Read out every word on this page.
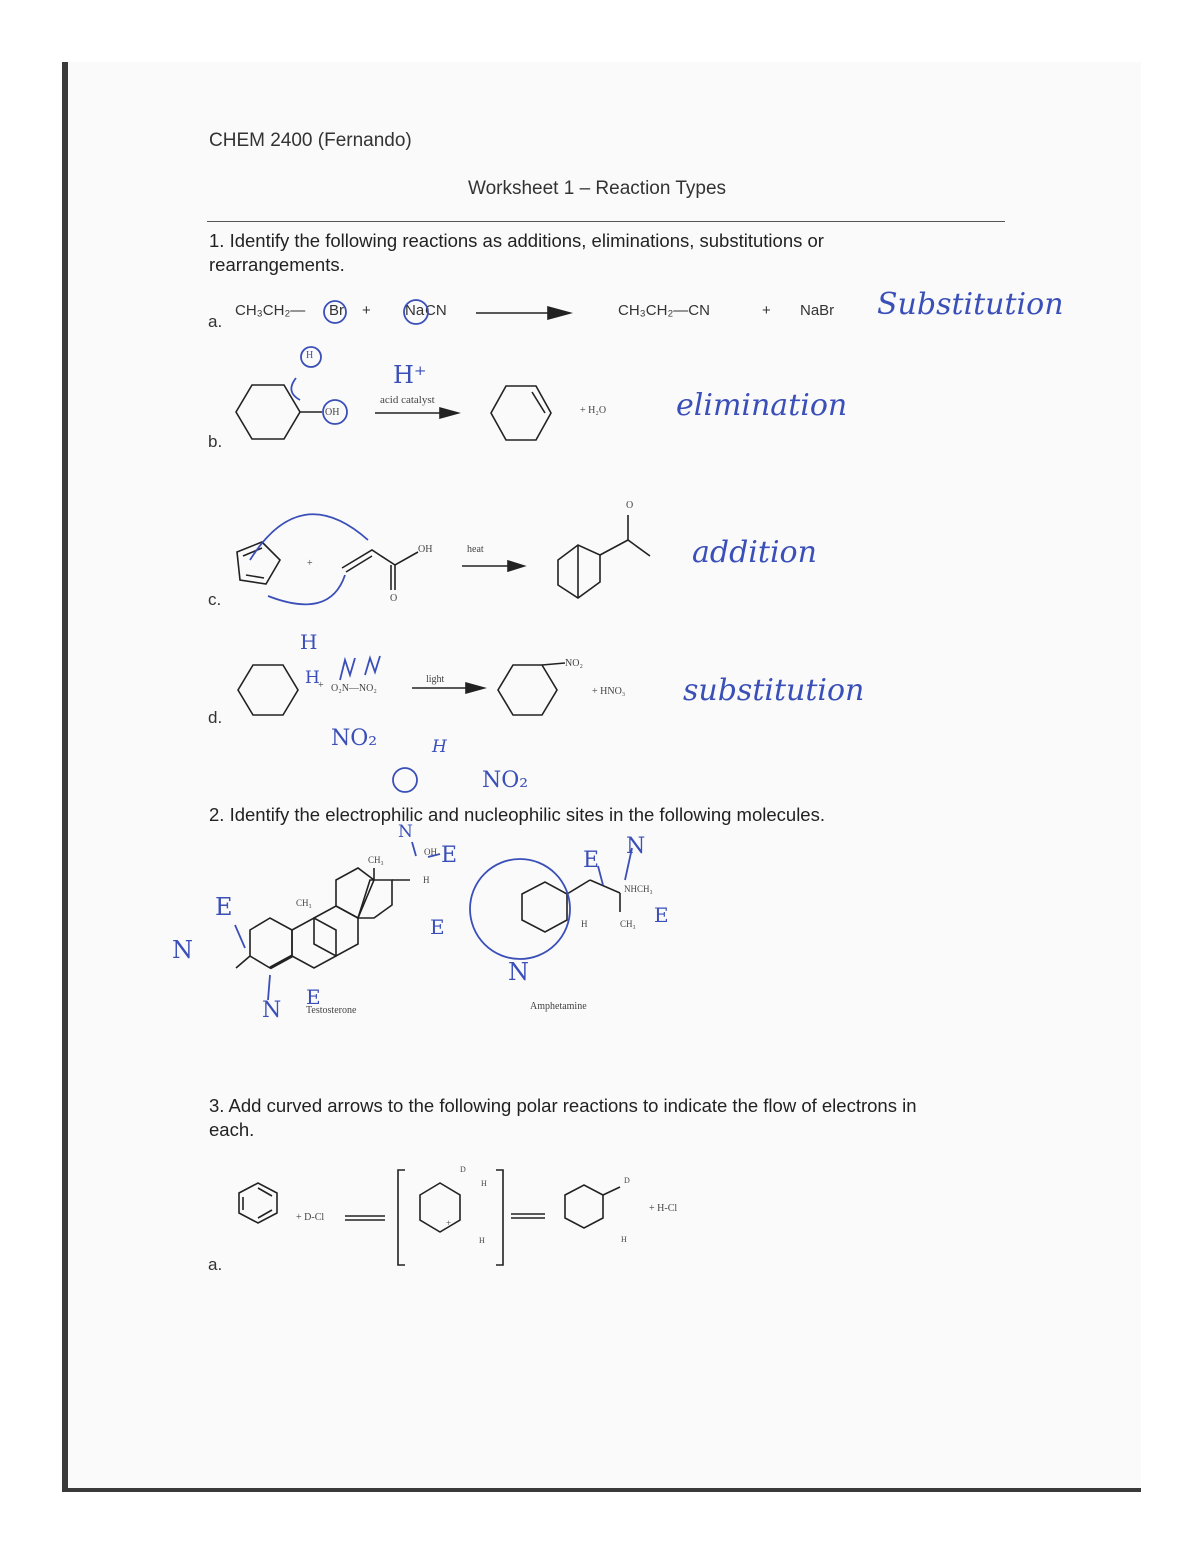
CHEM 2400 (Fernando)
Worksheet 1 – Reaction Types
1. Identify the following reactions as additions, eliminations, substitutions or
rearrangements.
a.
CH₃CH₂— Br + Na CN	CH₃CH₂—CN	+ NaBr Substitution
b.
H⁺
acid catalyst
+ H₂O
H
OH	elimination
c.
+
OH
O
heat
O
addition
d.
O₂N—NO₂
+
light
NO₂
+ HNO₃ substitution
H
H
NO₂	H
NO₂
2. Identify the electrophilic and nucleophilic sites in the following molecules.
Testosterone	Amphetamine
OH
H
CH₃
CH₃
NHCH₃
CH₃
H
N
E
N
E
N
E
E
N
E
N
E
3. Add curved arrows to the following polar reactions to indicate the flow of electrons in
each.
a.
+ D-Cl
+ H-Cl
D
H
H
+
D
H
